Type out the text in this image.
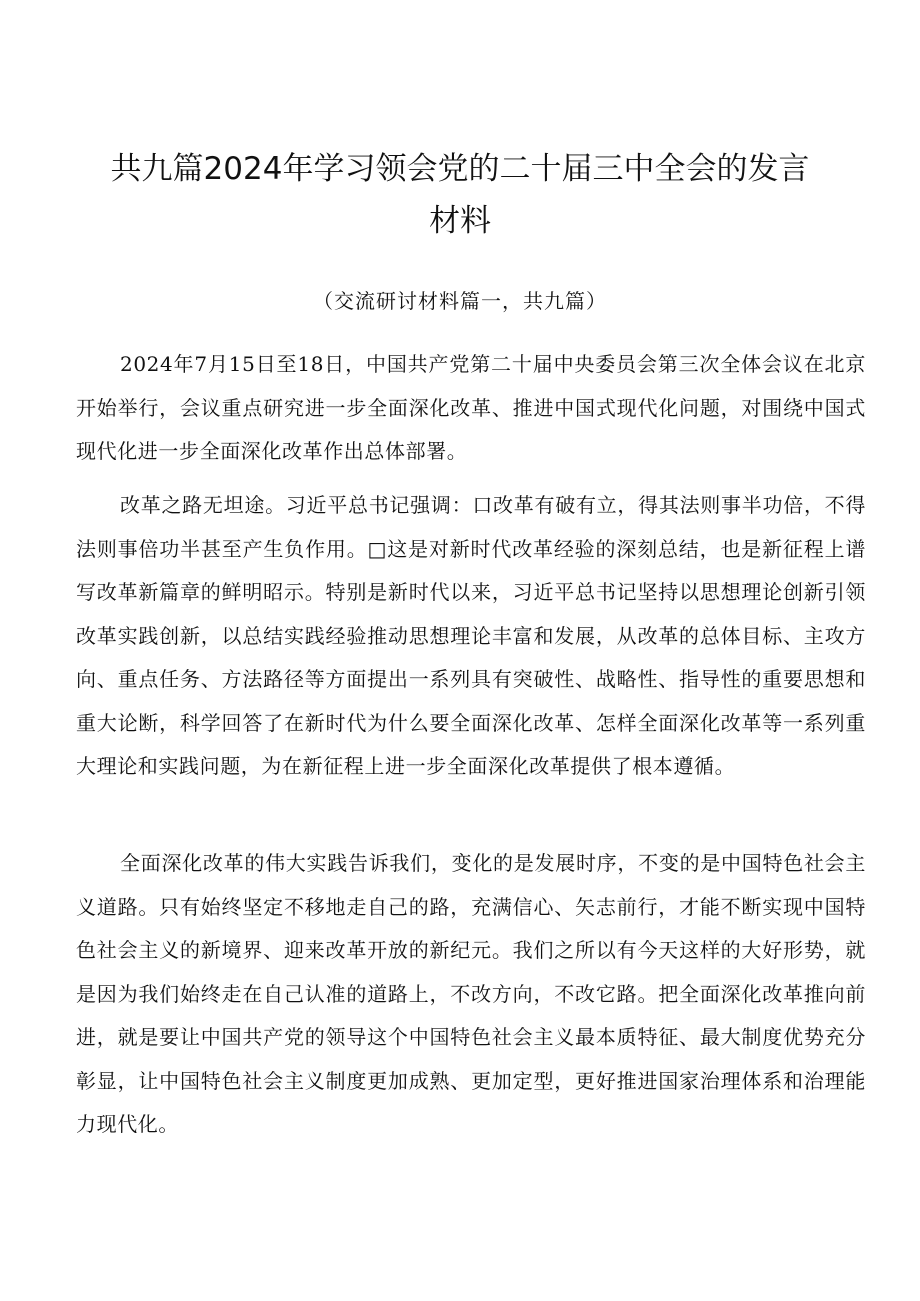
共九篇2024年学习领会党的二十届三中全会的发言材料
（交流研讨材料篇一，共九篇）

2024年7月15日至18日，中国共产党第二十届中央委员会第三次全体会议在北京开始举行，会议重点研究进一步全面深化改革、推进中国式现代化问题，对围绕中国式现代化进一步全面深化改革作出总体部署。

改革之路无坦途。习近平总书记强调：口改革有破有立，得其法则事半功倍，不得法则事倍功半甚至产生负作用。□这是对新时代改革经验的深刻总结，也是新征程上谱写改革新篇章的鲜明昭示。特别是新时代以来，习近平总书记坚持以思想理论创新引领改革实践创新，以总结实践经验推动思想理论丰富和发展，从改革的总体目标、主攻方向、重点任务、方法路径等方面提出一系列具有突破性、战略性、指导性的重要思想和重大论断，科学回答了在新时代为什么要全面深化改革、怎样全面深化改革等一系列重大理论和实践问题，为在新征程上进一步全面深化改革提供了根本遵循。

全面深化改革的伟大实践告诉我们，变化的是发展时序，不变的是中国特色社会主义道路。只有始终坚定不移地走自己的路，充满信心、矢志前行，才能不断实现中国特色社会主义的新境界、迎来改革开放的新纪元。我们之所以有今天这样的大好形势，就是因为我们始终走在自己认准的道路上，不改方向，不改它路。把全面深化改革推向前进，就是要让中国共产党的领导这个中国特色社会主义最本质特征、最大制度优势充分彰显，让中国特色社会主义制度更加成熟、更加定型，更好推进国家治理体系和治理能力现代化。
